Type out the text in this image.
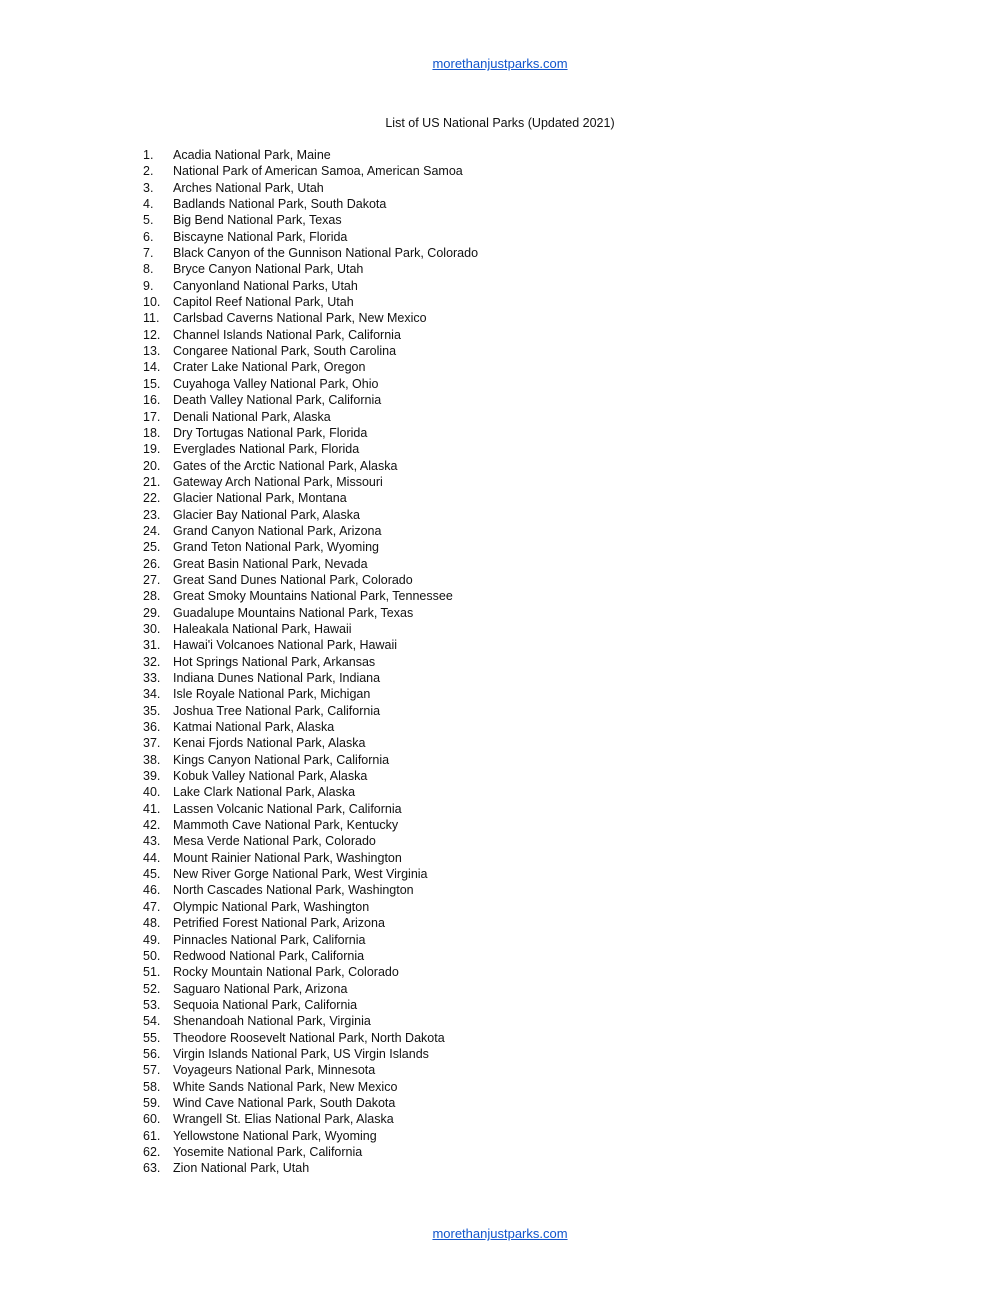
morethanjustparks.com
List of US National Parks (Updated 2021)
1.	Acadia National Park, Maine
2.	National Park of American Samoa, American Samoa
3.	Arches National Park, Utah
4.	Badlands National Park, South Dakota
5.	Big Bend National Park, Texas
6.	Biscayne National Park, Florida
7.	Black Canyon of the Gunnison National Park, Colorado
8.	Bryce Canyon National Park, Utah
9.	Canyonland National Parks, Utah
10.	Capitol Reef National Park, Utah
11.	Carlsbad Caverns National Park, New Mexico
12.	Channel Islands National Park, California
13.	Congaree National Park, South Carolina
14.	Crater Lake National Park, Oregon
15.	Cuyahoga Valley National Park, Ohio
16.	Death Valley National Park, California
17.	Denali National Park, Alaska
18.	Dry Tortugas National Park, Florida
19.	Everglades National Park, Florida
20.	Gates of the Arctic National Park, Alaska
21.	Gateway Arch National Park, Missouri
22.	Glacier National Park, Montana
23.	Glacier Bay National Park, Alaska
24.	Grand Canyon National Park, Arizona
25.	Grand Teton National Park, Wyoming
26.	Great Basin National Park, Nevada
27.	Great Sand Dunes National Park, Colorado
28.	Great Smoky Mountains National Park, Tennessee
29.	Guadalupe Mountains National Park, Texas
30.	Haleakala National Park, Hawaii
31.	Hawai'i Volcanoes National Park, Hawaii
32.	Hot Springs National Park, Arkansas
33.	Indiana Dunes National Park, Indiana
34.	Isle Royale National Park, Michigan
35.	Joshua Tree National Park, California
36.	Katmai National Park, Alaska
37.	Kenai Fjords National Park, Alaska
38.	Kings Canyon National Park, California
39.	Kobuk Valley National Park, Alaska
40.	Lake Clark National Park, Alaska
41.	Lassen Volcanic National Park, California
42.	Mammoth Cave National Park, Kentucky
43.	Mesa Verde National Park, Colorado
44.	Mount Rainier National Park, Washington
45.	New River Gorge National Park, West Virginia
46.	North Cascades National Park, Washington
47.	Olympic National Park, Washington
48.	Petrified Forest National Park, Arizona
49.	Pinnacles National Park, California
50.	Redwood National Park, California
51.	Rocky Mountain National Park, Colorado
52.	Saguaro National Park, Arizona
53.	Sequoia National Park, California
54.	Shenandoah National Park, Virginia
55.	Theodore Roosevelt National Park, North Dakota
56.	Virgin Islands National Park, US Virgin Islands
57.	Voyageurs National Park, Minnesota
58.	White Sands National Park, New Mexico
59.	Wind Cave National Park, South Dakota
60.	Wrangell St. Elias National Park, Alaska
61.	Yellowstone National Park, Wyoming
62.	Yosemite National Park, California
63.	Zion National Park, Utah
morethanjustparks.com
